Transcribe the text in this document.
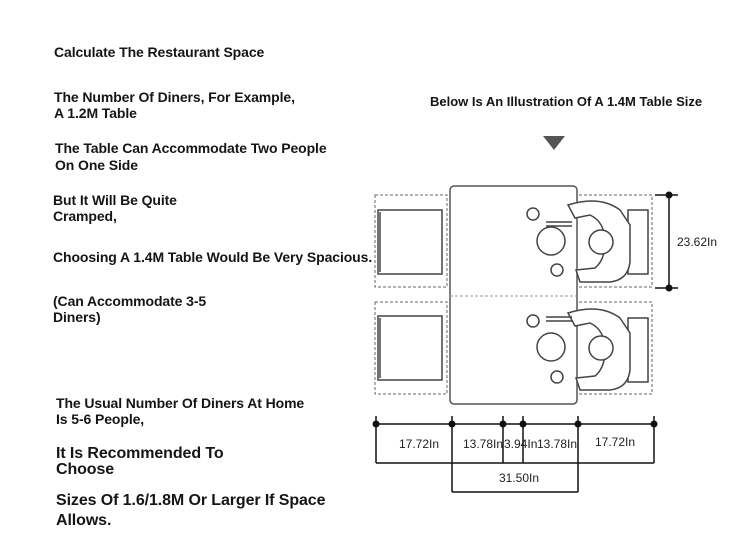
Calculate The Restaurant Space
The Number Of Diners, For Example,
A 1.2M Table
The Table Can Accommodate Two People
On One Side
But It Will Be Quite
Cramped,
Choosing A 1.4M Table Would Be Very Spacious.
(Can Accommodate 3-5
Diners)
The Usual Number Of Diners At Home
Is 5-6 People,
It Is Recommended To
Choose
Sizes Of 1.6/1.8M Or Larger If Space
Allows.
Below Is An Illustration Of A 1.4M Table Size
23.62In
17.72In 13.78In 3.94In 13.78In 17.72In
31.50In
